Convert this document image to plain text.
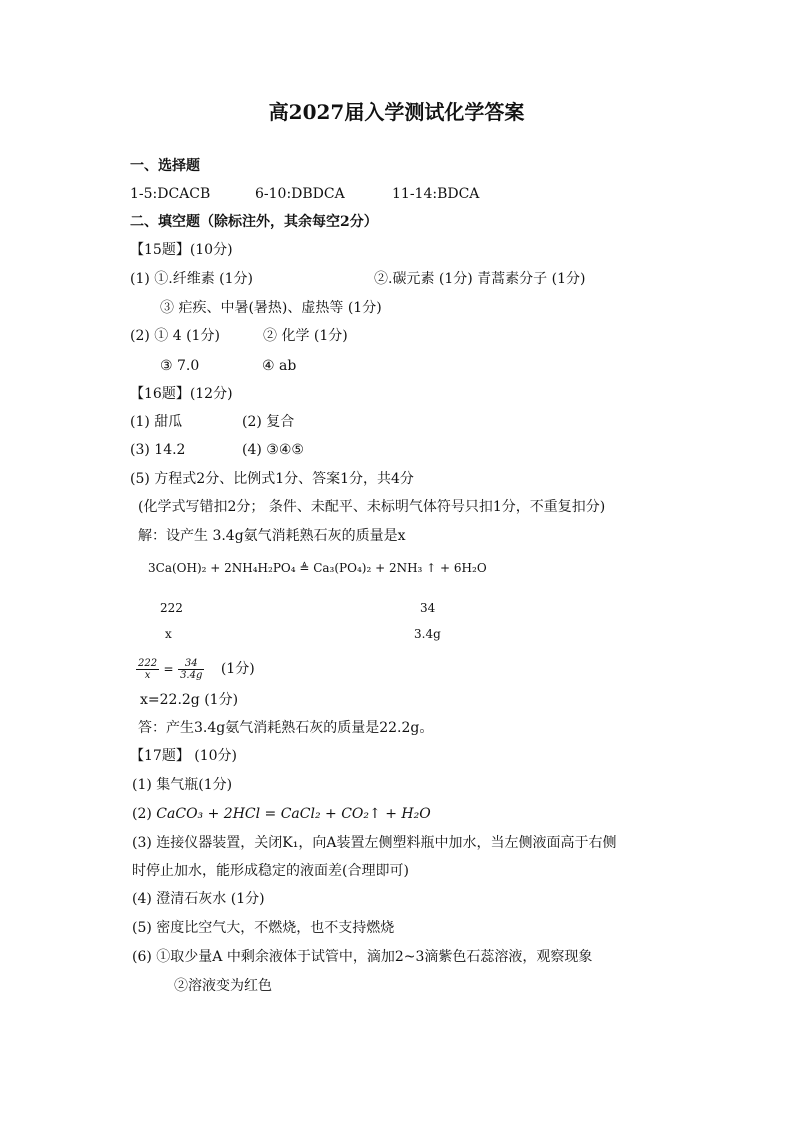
高2027届入学测试化学答案
一、选择题
1-5:DCACB	6-10:DBDCA	11-14:BDCA
二、填空题（除标注外，其余每空2分）
【15题】(10分)
(1) ①.纤维素 (1分)	②.碳元素 (1分) 青蒿素分子 (1分)
③ 疟疾、中暑(暑热)、虚热等 (1分)
(2) ① 4 (1分)	② 化学 (1分)
③ 7.0	④ ab
【16题】(12分)
(1) 甜瓜	(2) 复合
(3) 14.2	(4) ③④⑤
(5) 方程式2分、比例式1分、答案1分，共4分
(化学式写错扣2分； 条件、未配平、未标明气体符号只扣1分，不重复扣分)
解：设产生 3.4g氨气消耗熟石灰的质量是x
3Ca(OH)₂ + 2NH₄H₂PO₄ ≜ Ca₃(PO₄)₂ + 2NH₃ ↑ + 6H₂O
222	34
x	3.4g
$\frac{222}{x} = \frac{34}{3.4g} (1$分)
x=22.2g (1分)
答：产生3.4g氨气消耗熟石灰的质量是22.2g。
【17题】 (10分)
(1) 集气瓶(1分)
(2) CaCO₃ + 2HCl = CaCl₂ + CO₂↑ + H₂O
(3) 连接仪器装置，关闭K₁，向A装置左侧塑料瓶中加水，当左侧液面高于右侧
时停止加水，能形成稳定的液面差(合理即可)
(4) 澄清石灰水 (1分)
(5) 密度比空气大，不燃烧，也不支持燃烧
(6) ①取少量A 中剩余液体于试管中，滴加2~3滴紫色石蕊溶液，观察现象
②溶液变为红色
